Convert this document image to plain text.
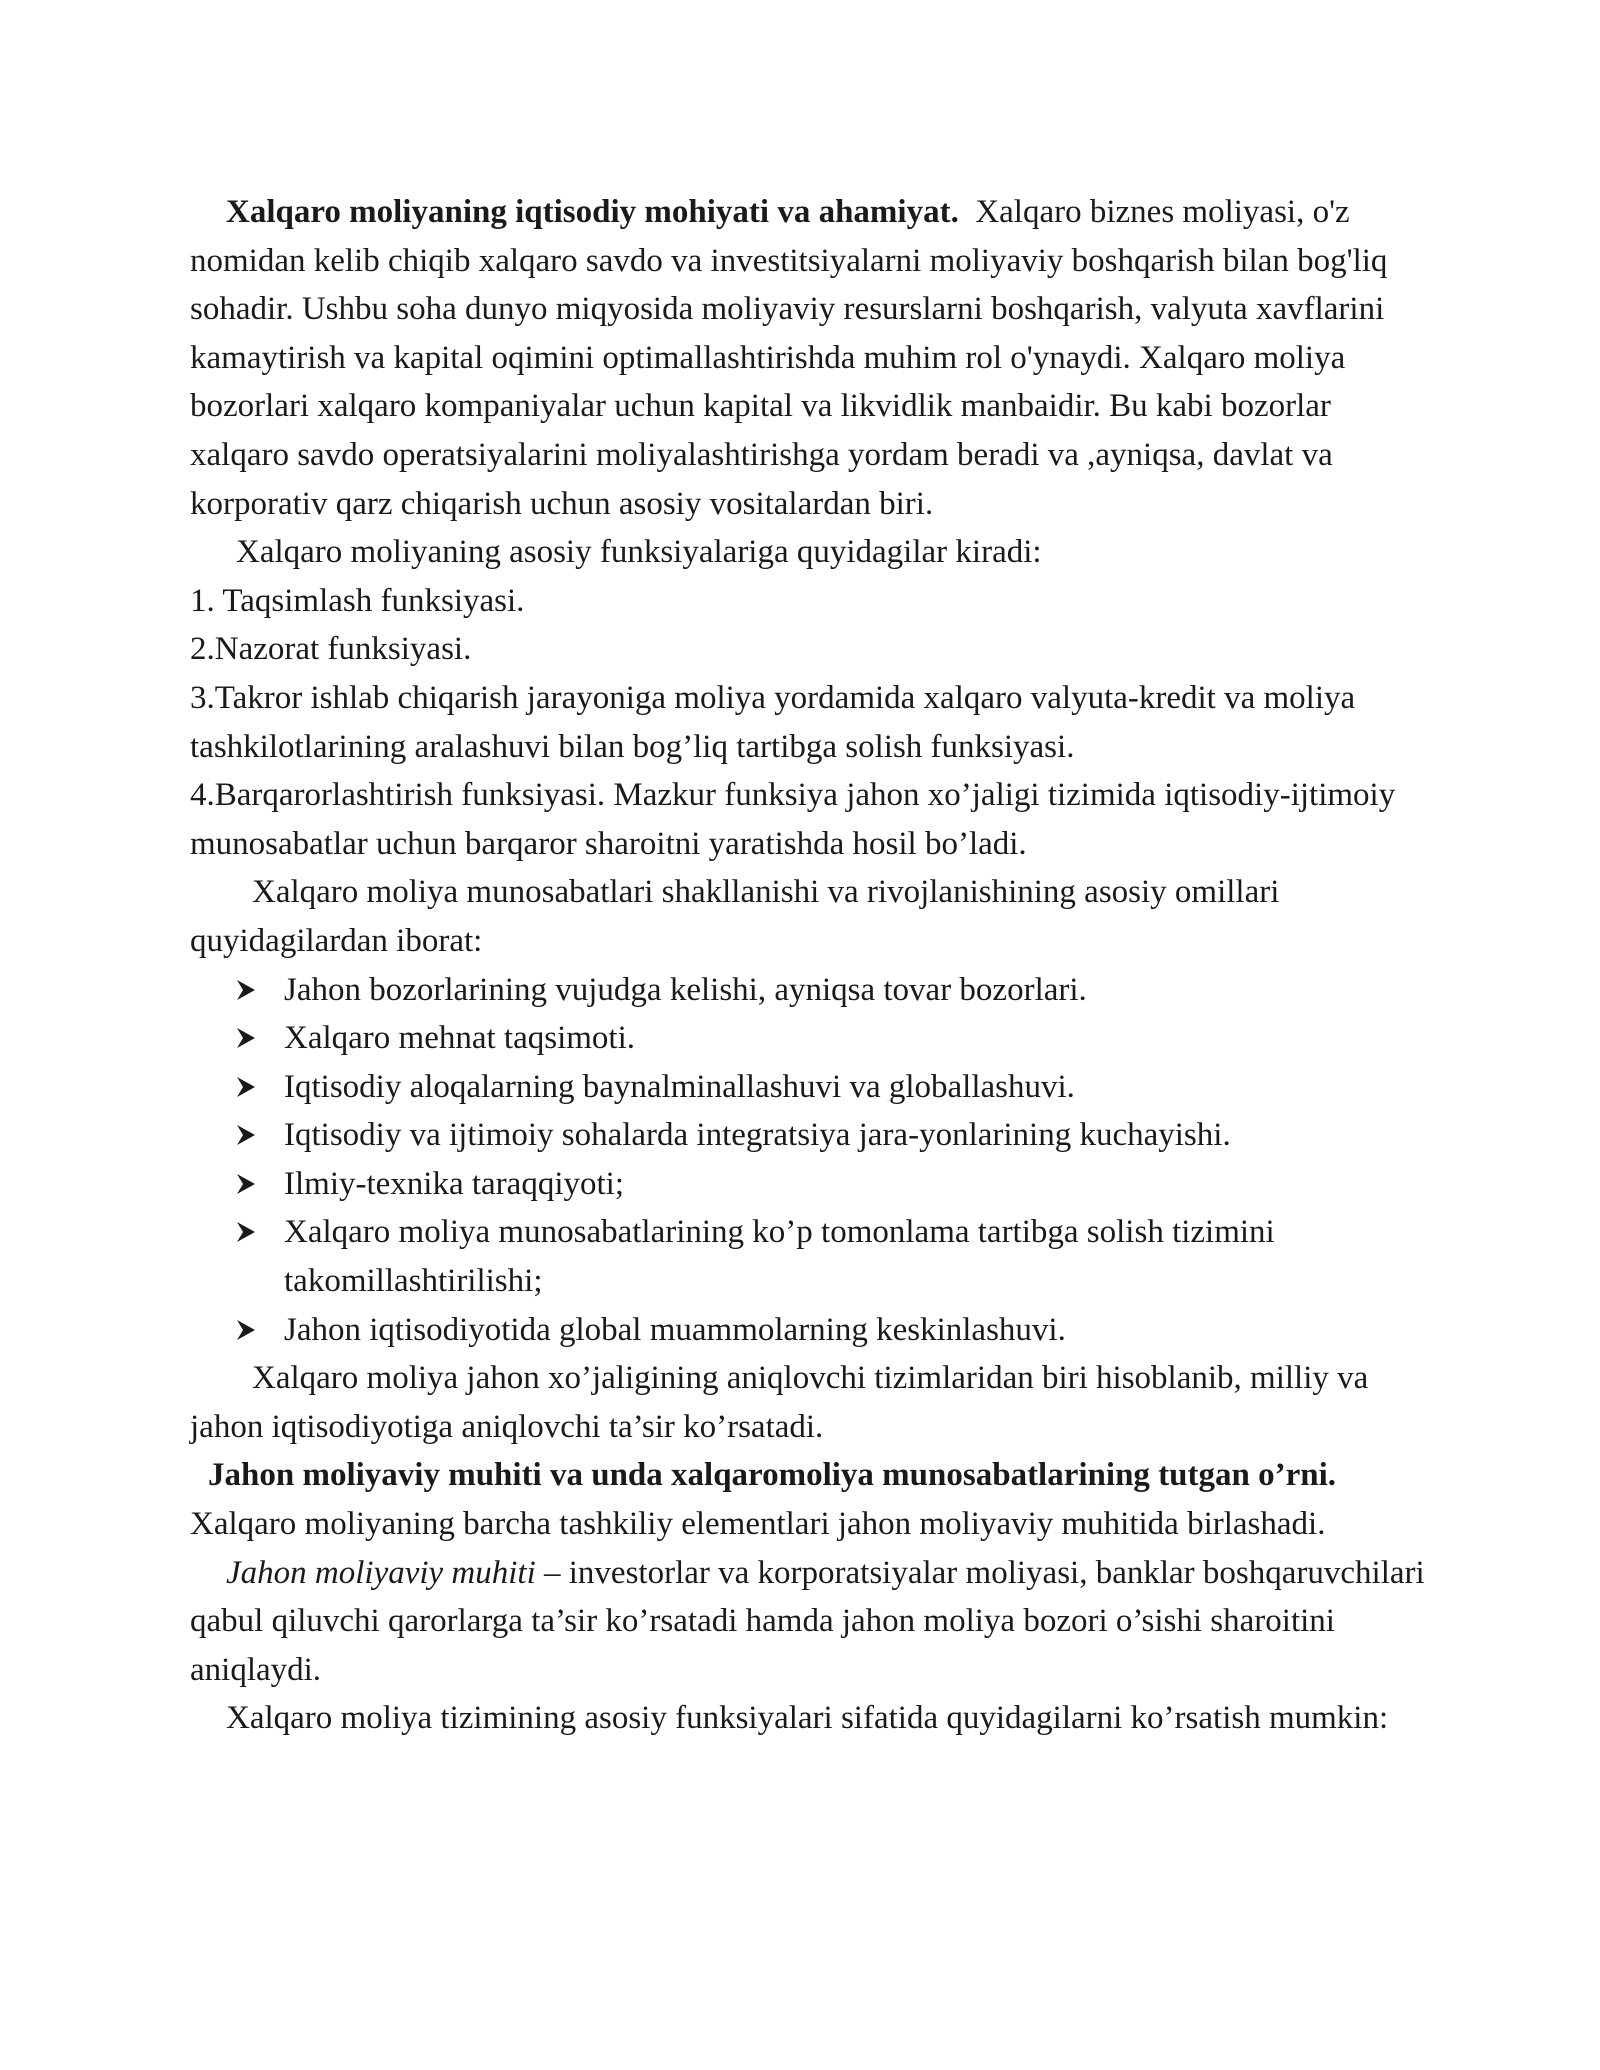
Xalqaro moliyaning iqtisodiy mohiyati va ahamiyat. Xalqaro biznes moliyasi, o'z nomidan kelib chiqib xalqaro savdo va investitsiyalarni moliyaviy boshqarish bilan bog'liq sohadir. Ushbu soha dunyo miqyosida moliyaviy resurslarni boshqarish, valyuta xavflarini kamaytirish va kapital oqimini optimallashtirishda muhim rol o'ynaydi. Xalqaro moliya bozorlari xalqaro kompaniyalar uchun kapital va likvidlik manbaidir. Bu kabi bozorlar xalqaro savdo operatsiyalarini moliyalashtirishga yordam beradi va ,ayniqsa, davlat va korporativ qarz chiqarish uchun asosiy vositalardan biri.

Xalqaro moliyaning asosiy funksiyalariga quyidagilar kiradi:

1. Taqsimlash funksiyasi.

2.Nazorat funksiyasi.

3.Takror ishlab chiqarish jarayoniga moliya yordamida xalqaro valyuta-kredit va moliya tashkilotlarining aralashuvi bilan bog’liq tartibga solish funksiyasi.

4.Barqarorlashtirish funksiyasi. Mazkur funksiya jahon xo’jaligi tizimida iqtisodiy-ijtimoiy munosabatlar uchun barqaror sharoitni yaratishda hosil bo’ladi.

Xalqaro moliya munosabatlari shakllanishi va rivojlanishining asosiy omillari quyidagilardan iborat:

Jahon bozorlarining vujudga kelishi, ayniqsa tovar bozorlari.
Xalqaro mehnat taqsimoti.
Iqtisodiy aloqalarning baynalminallashuvi va globallashuvi.
Iqtisodiy va ijtimoiy sohalarda integratsiya jara-yonlarining kuchayishi.
Ilmiy-texnika taraqqiyoti;
Xalqaro moliya munosabatlarining ko’p tomonlama tartibga solish tizimini takomillashtirilishi;
Jahon iqtisodiyotida global muammolarning keskinlashuvi.

Xalqaro moliya jahon xo’jaligining aniqlovchi tizimlaridan biri hisoblanib, milliy va jahon iqtisodiyotiga aniqlovchi ta’sir ko’rsatadi.

Jahon moliyaviy muhiti va unda xalqaromoliya munosabatlarining tutgan o’rni.  Xalqaro moliyaning barcha tashkiliy elementlari jahon moliyaviy muhitida birlashadi.

Jahon moliyaviy muhiti – investorlar va korporatsiyalar moliyasi, banklar boshqaruvchilari qabul qiluvchi qarorlarga ta’sir ko’rsatadi hamda jahon moliya bozori o’sishi sharoitini aniqlaydi.

Xalqaro moliya tizimining asosiy funksiyalari sifatida quyidagilarni ko’rsatish mumkin:
